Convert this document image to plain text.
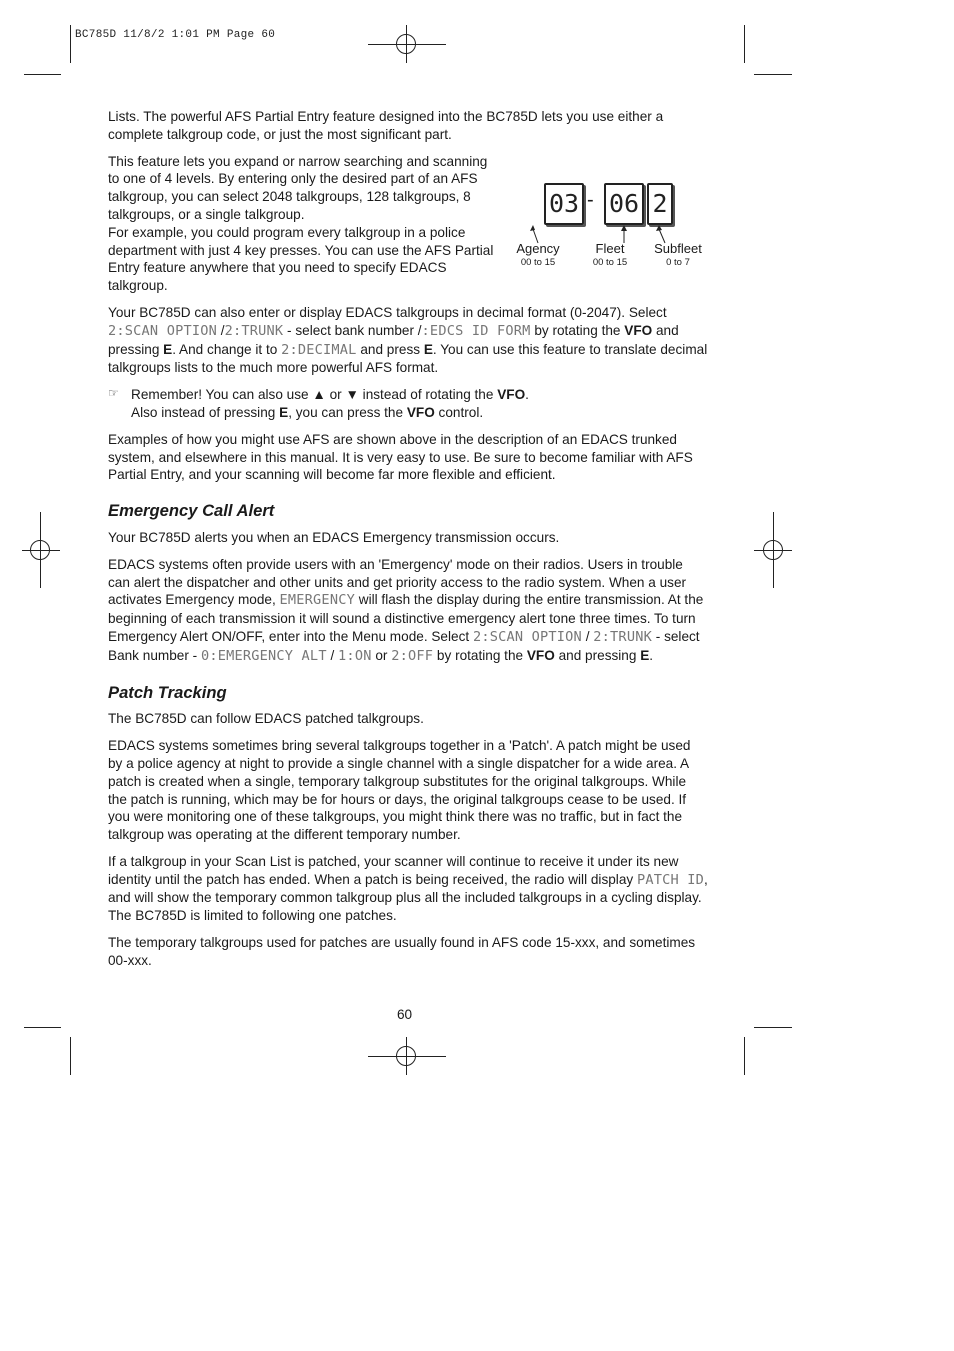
BC785D 11/8/2 1:01 PM Page 60
03 - 06 2
Agency
00 to 15
Fleet
00 to 15
Subfleet
0 to 7

Lists. The powerful AFS Partial Entry feature designed into the BC785D lets you use either a complete talkgroup code, or just the most significant part.

This feature lets you expand or narrow searching and scanning to one of 4 levels. By entering only the desired part of an AFS talkgroup, you can select 2048 talkgroups, 128 talkgroups, 8 talkgroups, or a single talkgroup.

For example, you could program every talkgroup in a police department with just 4 key presses. You can use the AFS Partial Entry feature anywhere that you need to specify EDACS talkgroup.

Your BC785D can also enter or display EDACS talkgroups in decimal format (0-2047). Select 2:SCAN OPTION /2:TRUNK - select bank number /:EDCS ID FORM by rotating the VFO and pressing E. And change it to 2:DECIMAL and press E. You can use this feature to translate decimal talkgroups lists to the much more powerful AFS format.

☞ Remember! You can also use ▲ or ▼ instead of rotating the VFO.
Also instead of pressing E, you can press the VFO control.

Examples of how you might use AFS are shown above in the description of an EDACS trunked system, and elsewhere in this manual. It is very easy to use. Be sure to become familiar with AFS Partial Entry, and your scanning will become far more flexible and efficient.

Emergency Call Alert

Your BC785D alerts you when an EDACS Emergency transmission occurs.

EDACS systems often provide users with an 'Emergency' mode on their radios. Users in trouble can alert the dispatcher and other units and get priority access to the radio system. When a user activates Emergency mode, EMERGENCY will flash the display during the entire transmission. At the beginning of each transmission it will sound a distinctive emergency alert tone three times. To turn Emergency Alert ON/OFF, enter into the Menu mode. Select 2:SCAN OPTION / 2:TRUNK - select Bank number - 0:EMERGENCY ALT / 1:ON or 2:OFF by rotating the VFO and pressing E.

Patch Tracking

The BC785D can follow EDACS patched talkgroups.

EDACS systems sometimes bring several talkgroups together in a 'Patch'. A patch might be used by a police agency at night to provide a single channel with a single dispatcher for a wide area. A patch is created when a single, temporary talkgroup substitutes for the original talkgroups. While the patch is running, which may be for hours or days, the original talkgroups cease to be used. If you were monitoring one of these talkgroups, you might think there was no traffic, but in fact the talkgroup was operating at the different temporary number.

If a talkgroup in your Scan List is patched, your scanner will continue to receive it under its new identity until the patch has ended. When a patch is being received, the radio will display PATCH ID, and will show the temporary common talkgroup plus all the included talkgroups in a cycling display. The BC785D is limited to following one patches.

The temporary talkgroups used for patches are usually found in AFS code 15-xxx, and sometimes 00-xxx.

60
